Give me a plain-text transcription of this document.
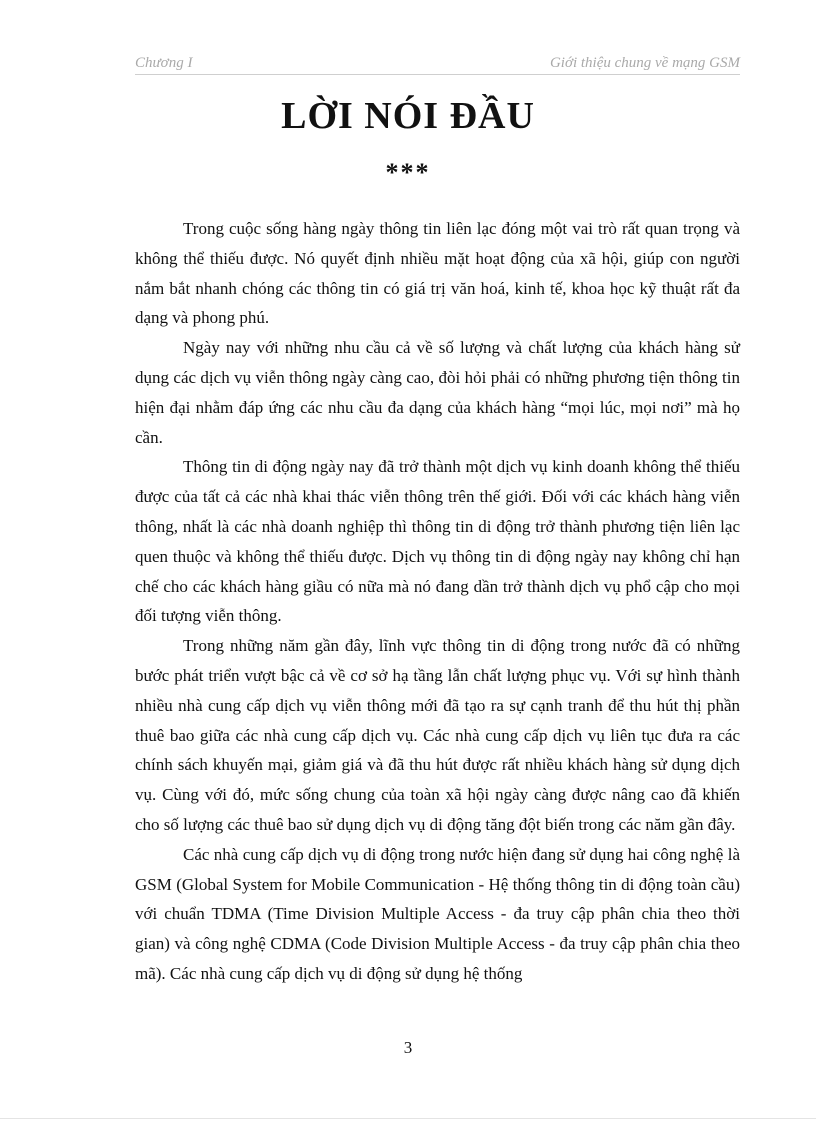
Chương I	Giới thiệu chung về mạng GSM
LỜI NÓI ĐẦU
***

Trong cuộc sống hàng ngày thông tin liên lạc đóng một vai trò rất quan trọng và không thể thiếu được. Nó quyết định nhiều mặt hoạt động của xã hội, giúp con người nắm bắt nhanh chóng các thông tin có giá trị văn hoá, kinh tế, khoa học kỹ thuật rất đa dạng và phong phú.

Ngày nay với những nhu cầu cả về số lượng và chất lượng của khách hàng sử dụng các dịch vụ viễn thông ngày càng cao, đòi hỏi phải có những phương tiện thông tin hiện đại nhằm đáp ứng các nhu cầu đa dạng của khách hàng “mọi lúc, mọi nơi” mà họ cần.

Thông tin di động ngày nay đã trở thành một dịch vụ kinh doanh không thể thiếu được của tất cả các nhà khai thác viễn thông trên thế giới. Đối với các khách hàng viễn thông, nhất là các nhà doanh nghiệp thì thông tin di động trở thành phương tiện liên lạc quen thuộc và không thể thiếu được. Dịch vụ thông tin di động ngày nay không chỉ hạn chế cho các khách hàng giầu có nữa mà nó đang dần trở thành dịch vụ phổ cập cho mọi đối tượng viễn thông.

Trong những năm gần đây, lĩnh vực thông tin di động trong nước đã có những bước phát triển vượt bậc cả về cơ sở hạ tầng lẫn chất lượng phục vụ. Với sự hình thành nhiều nhà cung cấp dịch vụ viễn thông mới đã tạo ra sự cạnh tranh để thu hút thị phần thuê bao giữa các nhà cung cấp dịch vụ. Các nhà cung cấp dịch vụ liên tục đưa ra các chính sách khuyến mại, giảm giá và đã thu hút được rất nhiều khách hàng sử dụng dịch vụ. Cùng với đó, mức sống chung của toàn xã hội ngày càng được nâng cao đã khiến cho số lượng các thuê bao sử dụng dịch vụ di động tăng đột biến trong các năm gần đây.

Các nhà cung cấp dịch vụ di động trong nước hiện đang sử dụng hai công nghệ là GSM (Global System for Mobile Communication - Hệ thống thông tin di động toàn cầu) với chuẩn TDMA (Time Division Multiple Access - đa truy cập phân chia theo thời gian) và công nghệ CDMA (Code Division Multiple Access - đa truy cập phân chia theo mã). Các nhà cung cấp dịch vụ di động sử dụng hệ thống

3
